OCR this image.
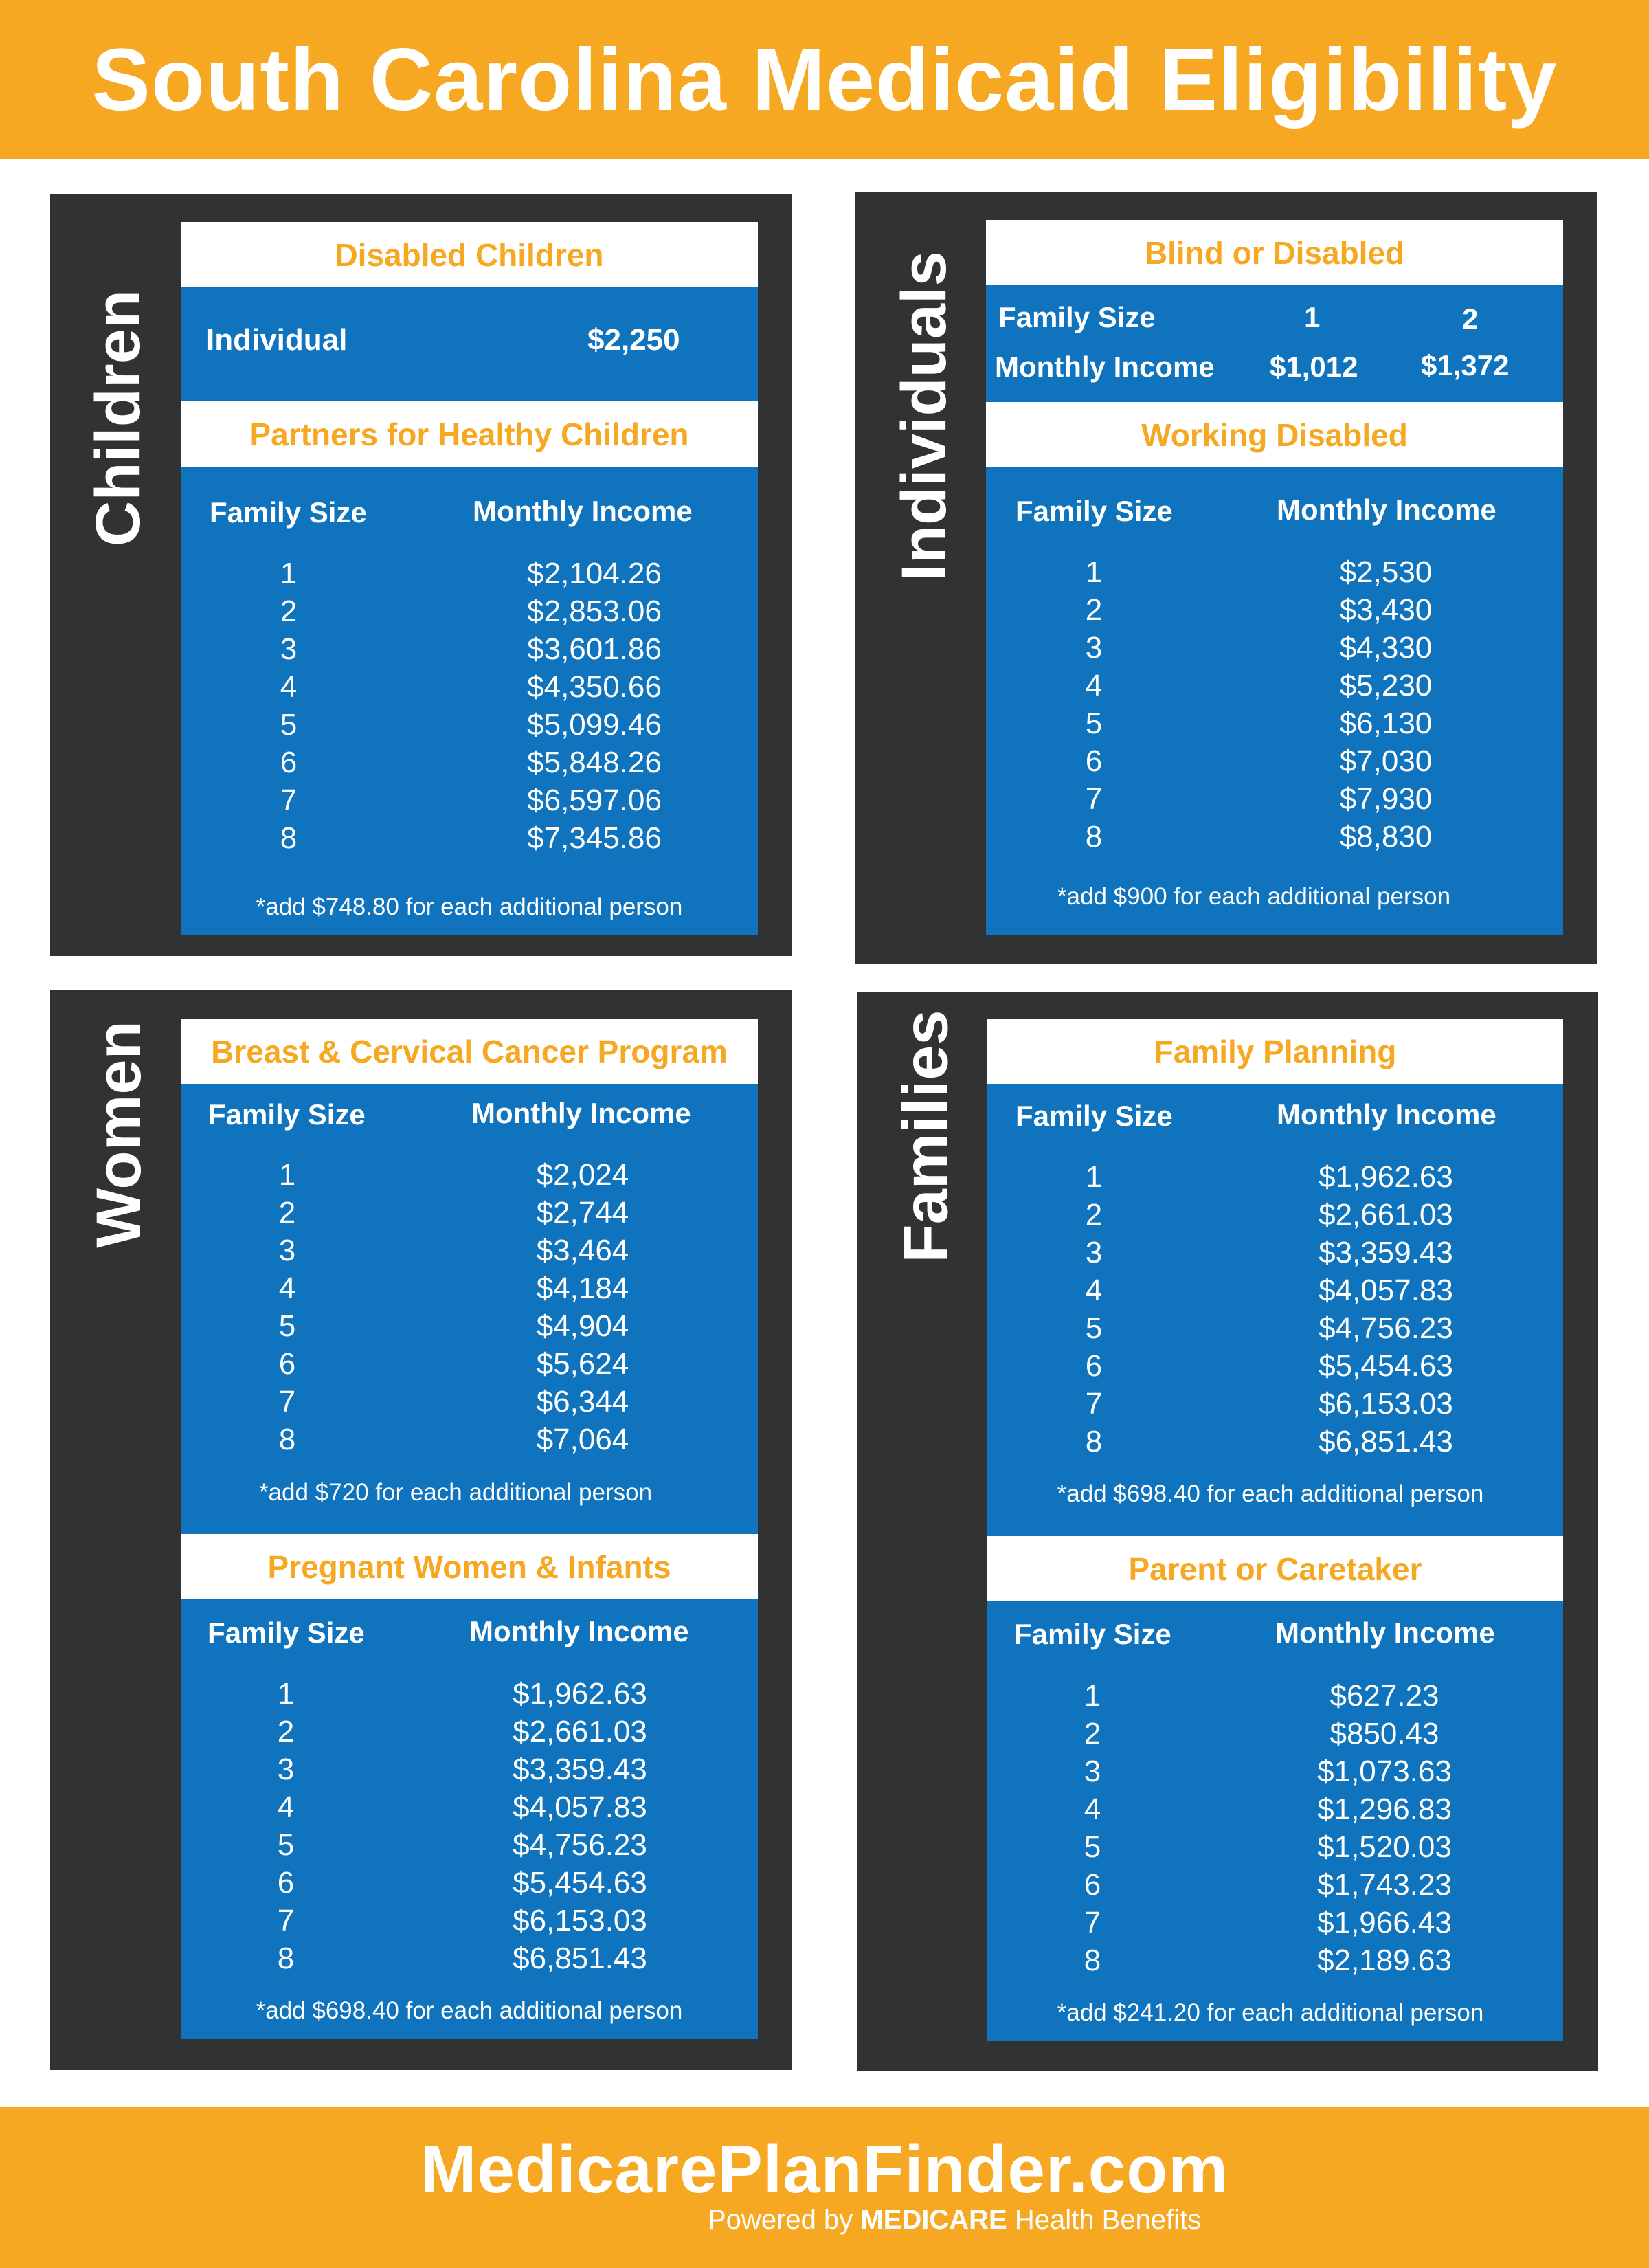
South Carolina Medicaid Eligibility
Children
Disabled Children
Individual	$2,250
Partners for Healthy Children
Family Size	Monthly Income
1	$2,104.26
2	$2,853.06
3	$3,601.86
4	$4,350.66
5	$5,099.46
6	$5,848.26
7	$6,597.06
8	$7,345.86
*add $748.80 for each additional person
Individuals	Blind or Disabled
Family Size	1	2
Monthly Income $1,012 $1,372
Working Disabled
Family Size	Monthly Income
1	$2,530
2	$3,430
3	$4,330
4	$5,230
5	$6,130
6	$7,030
7	$7,930
8	$8,830
*add $900 for each additional person
Women	Breast & Cervical Cancer Program
Family Size	Monthly Income
1	$2,024
2	$2,744
3	$3,464
4	$4,184
5	$4,904
6	$5,624
7	$6,344
8	$7,064
*add $720 for each additional person
Pregnant Women & Infants
Family Size	Monthly Income
1	$1,962.63
2	$2,661.03
3	$3,359.43
4	$4,057.83
5	$4,756.23
6	$5,454.63
7	$6,153.03
8	$6,851.43
*add $698.40 for each additional person
Families	Family Planning
Family Size	Monthly Income
1	$1,962.63
2	$2,661.03
3	$3,359.43
4	$4,057.83
5	$4,756.23
6	$5,454.63
7	$6,153.03
8	$6,851.43
*add $698.40 for each additional person
Parent or Caretaker
Family Size	Monthly Income
1	$627.23
2	$850.43
3	$1,073.63
4	$1,296.83
5	$1,520.03
6	$1,743.23
7	$1,966.43
8	$2,189.63
*add $241.20 for each additional person
MedicarePlanFinder.com
Powered by MEDICARE Health Benefits
